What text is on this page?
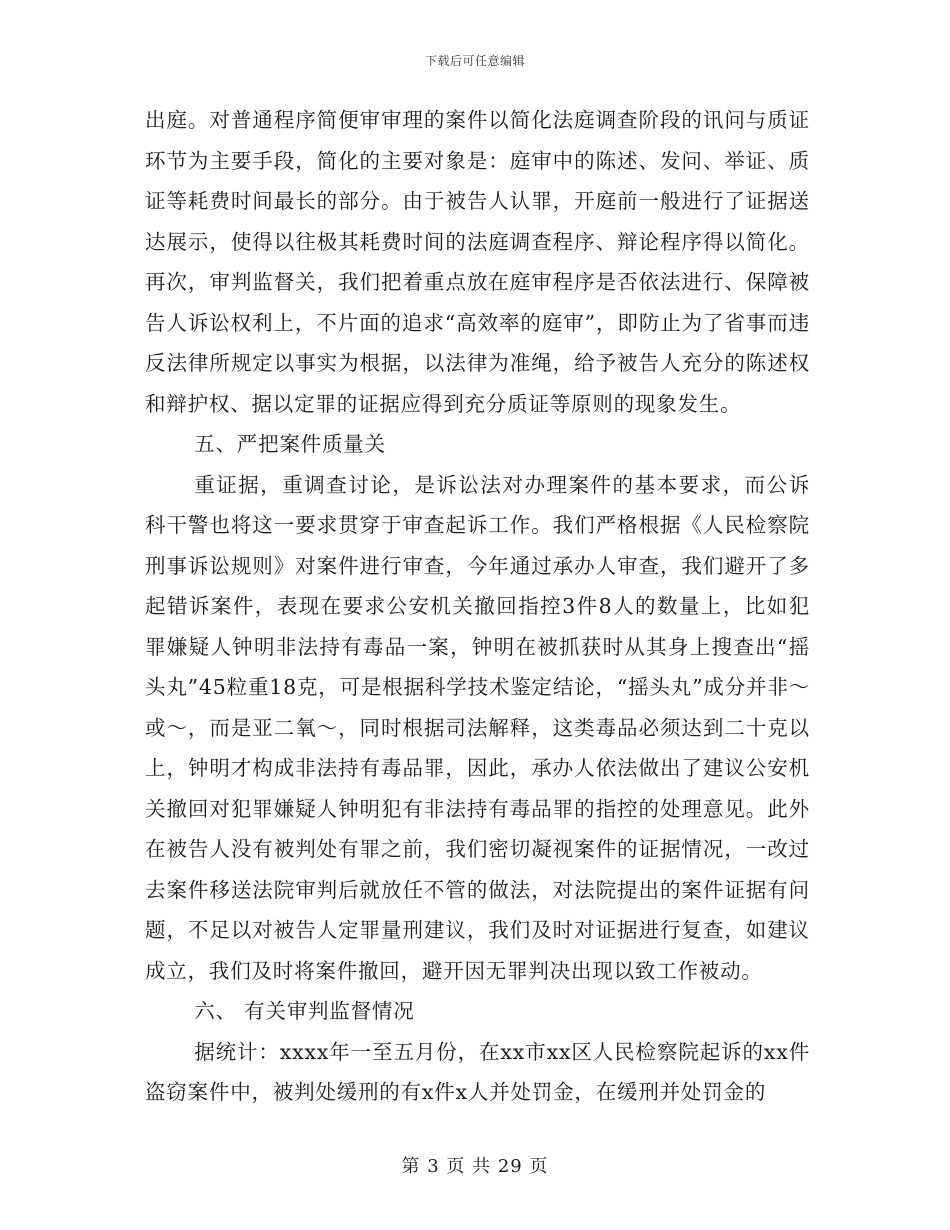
下载后可任意编辑

出庭。对普通程序简便审审理的案件以简化法庭调查阶段的讯问与质证环节为主要手段，简化的主要对象是：庭审中的陈述、发问、举证、质证等耗费时间最长的部分。由于被告人认罪，开庭前一般进行了证据送达展示，使得以往极其耗费时间的法庭调查程序、辩论程序得以简化。再次，审判监督关，我们把着重点放在庭审程序是否依法进行、保障被告人诉讼权利上，不片面的追求“高效率的庭审”，即防止为了省事而违反法律所规定以事实为根据，以法律为准绳，给予被告人充分的陈述权和辩护权、据以定罪的证据应得到充分质证等原则的现象发生。

五、严把案件质量关

重证据，重调查讨论，是诉讼法对办理案件的基本要求，而公诉科干警也将这一要求贯穿于审查起诉工作。我们严格根据《人民检察院刑事诉讼规则》对案件进行审查，今年通过承办人审查，我们避开了多起错诉案件，表现在要求公安机关撤回指控3件8人的数量上，比如犯罪嫌疑人钟明非法持有毒品一案，钟明在被抓获时从其身上搜查出“摇头丸”45粒重18克，可是根据科学技术鉴定结论，“摇头丸”成分并非～或～，而是亚二氧～，同时根据司法解释，这类毒品必须达到二十克以上，钟明才构成非法持有毒品罪，因此，承办人依法做出了建议公安机关撤回对犯罪嫌疑人钟明犯有非法持有毒品罪的指控的处理意见。此外在被告人没有被判处有罪之前，我们密切凝视案件的证据情况，一改过去案件移送法院审判后就放任不管的做法，对法院提出的案件证据有问题，不足以对被告人定罪量刑建议，我们及时对证据进行复查，如建议成立，我们及时将案件撤回，避开因无罪判决出现以致工作被动。

六、 有关审判监督情况

据统计：xxxx年一至五月份，在xx市xx区人民检察院起诉的xx件盗窃案件中，被判处缓刑的有x件x人并处罚金，在缓刑并处罚金的

第 3 页 共 29 页
